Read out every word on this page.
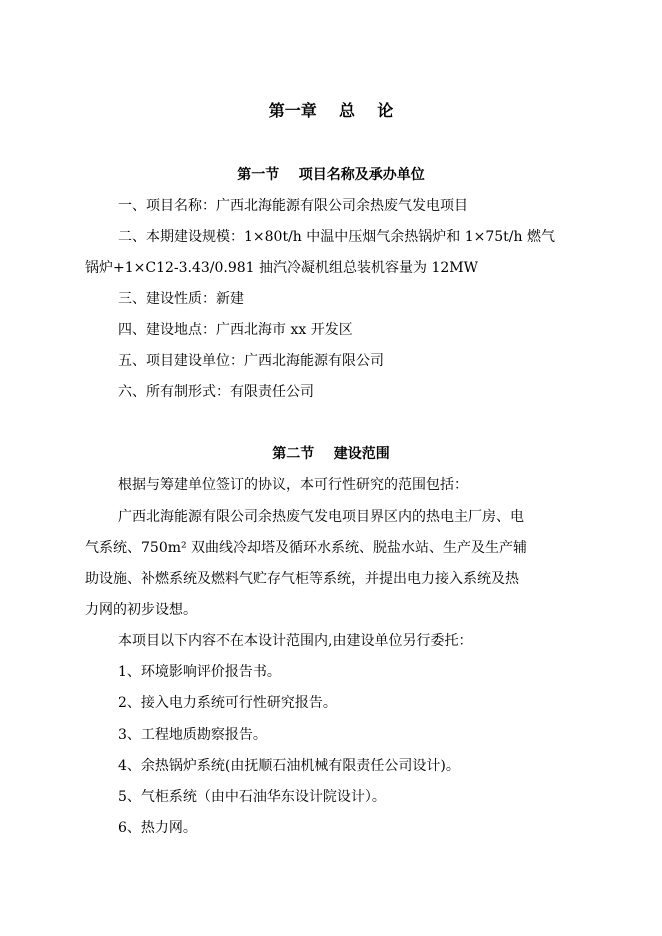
第一章    总    论
第一节    项目名称及承办单位
一、项目名称：广西北海能源有限公司余热废气发电项目
二、本期建设规模：1×80t/h 中温中压烟气余热锅炉和 1×75t/h 燃气
锅炉+1×C12-3.43/0.981 抽汽冷凝机组总装机容量为 12MW
三、建设性质：新建
四、建设地点：广西北海市 xx 开发区
五、项目建设单位：广西北海能源有限公司
六、所有制形式：有限责任公司
第二节    建设范围
根据与筹建单位签订的协议，本可行性研究的范围包括：
广西北海能源有限公司余热废气发电项目界区内的热电主厂房、电
气系统、750m² 双曲线冷却塔及循环水系统、脱盐水站、生产及生产辅
助设施、补燃系统及燃料气贮存气柜等系统，并提出电力接入系统及热
力网的初步设想。
本项目以下内容不在本设计范围内,由建设单位另行委托：
1、环境影响评价报告书。
2、接入电力系统可行性研究报告。
3、工程地质勘察报告。
4、余热锅炉系统(由抚顺石油机械有限责任公司设计)。
5、气柜系统（由中石油华东设计院设计）。
6、热力网。
